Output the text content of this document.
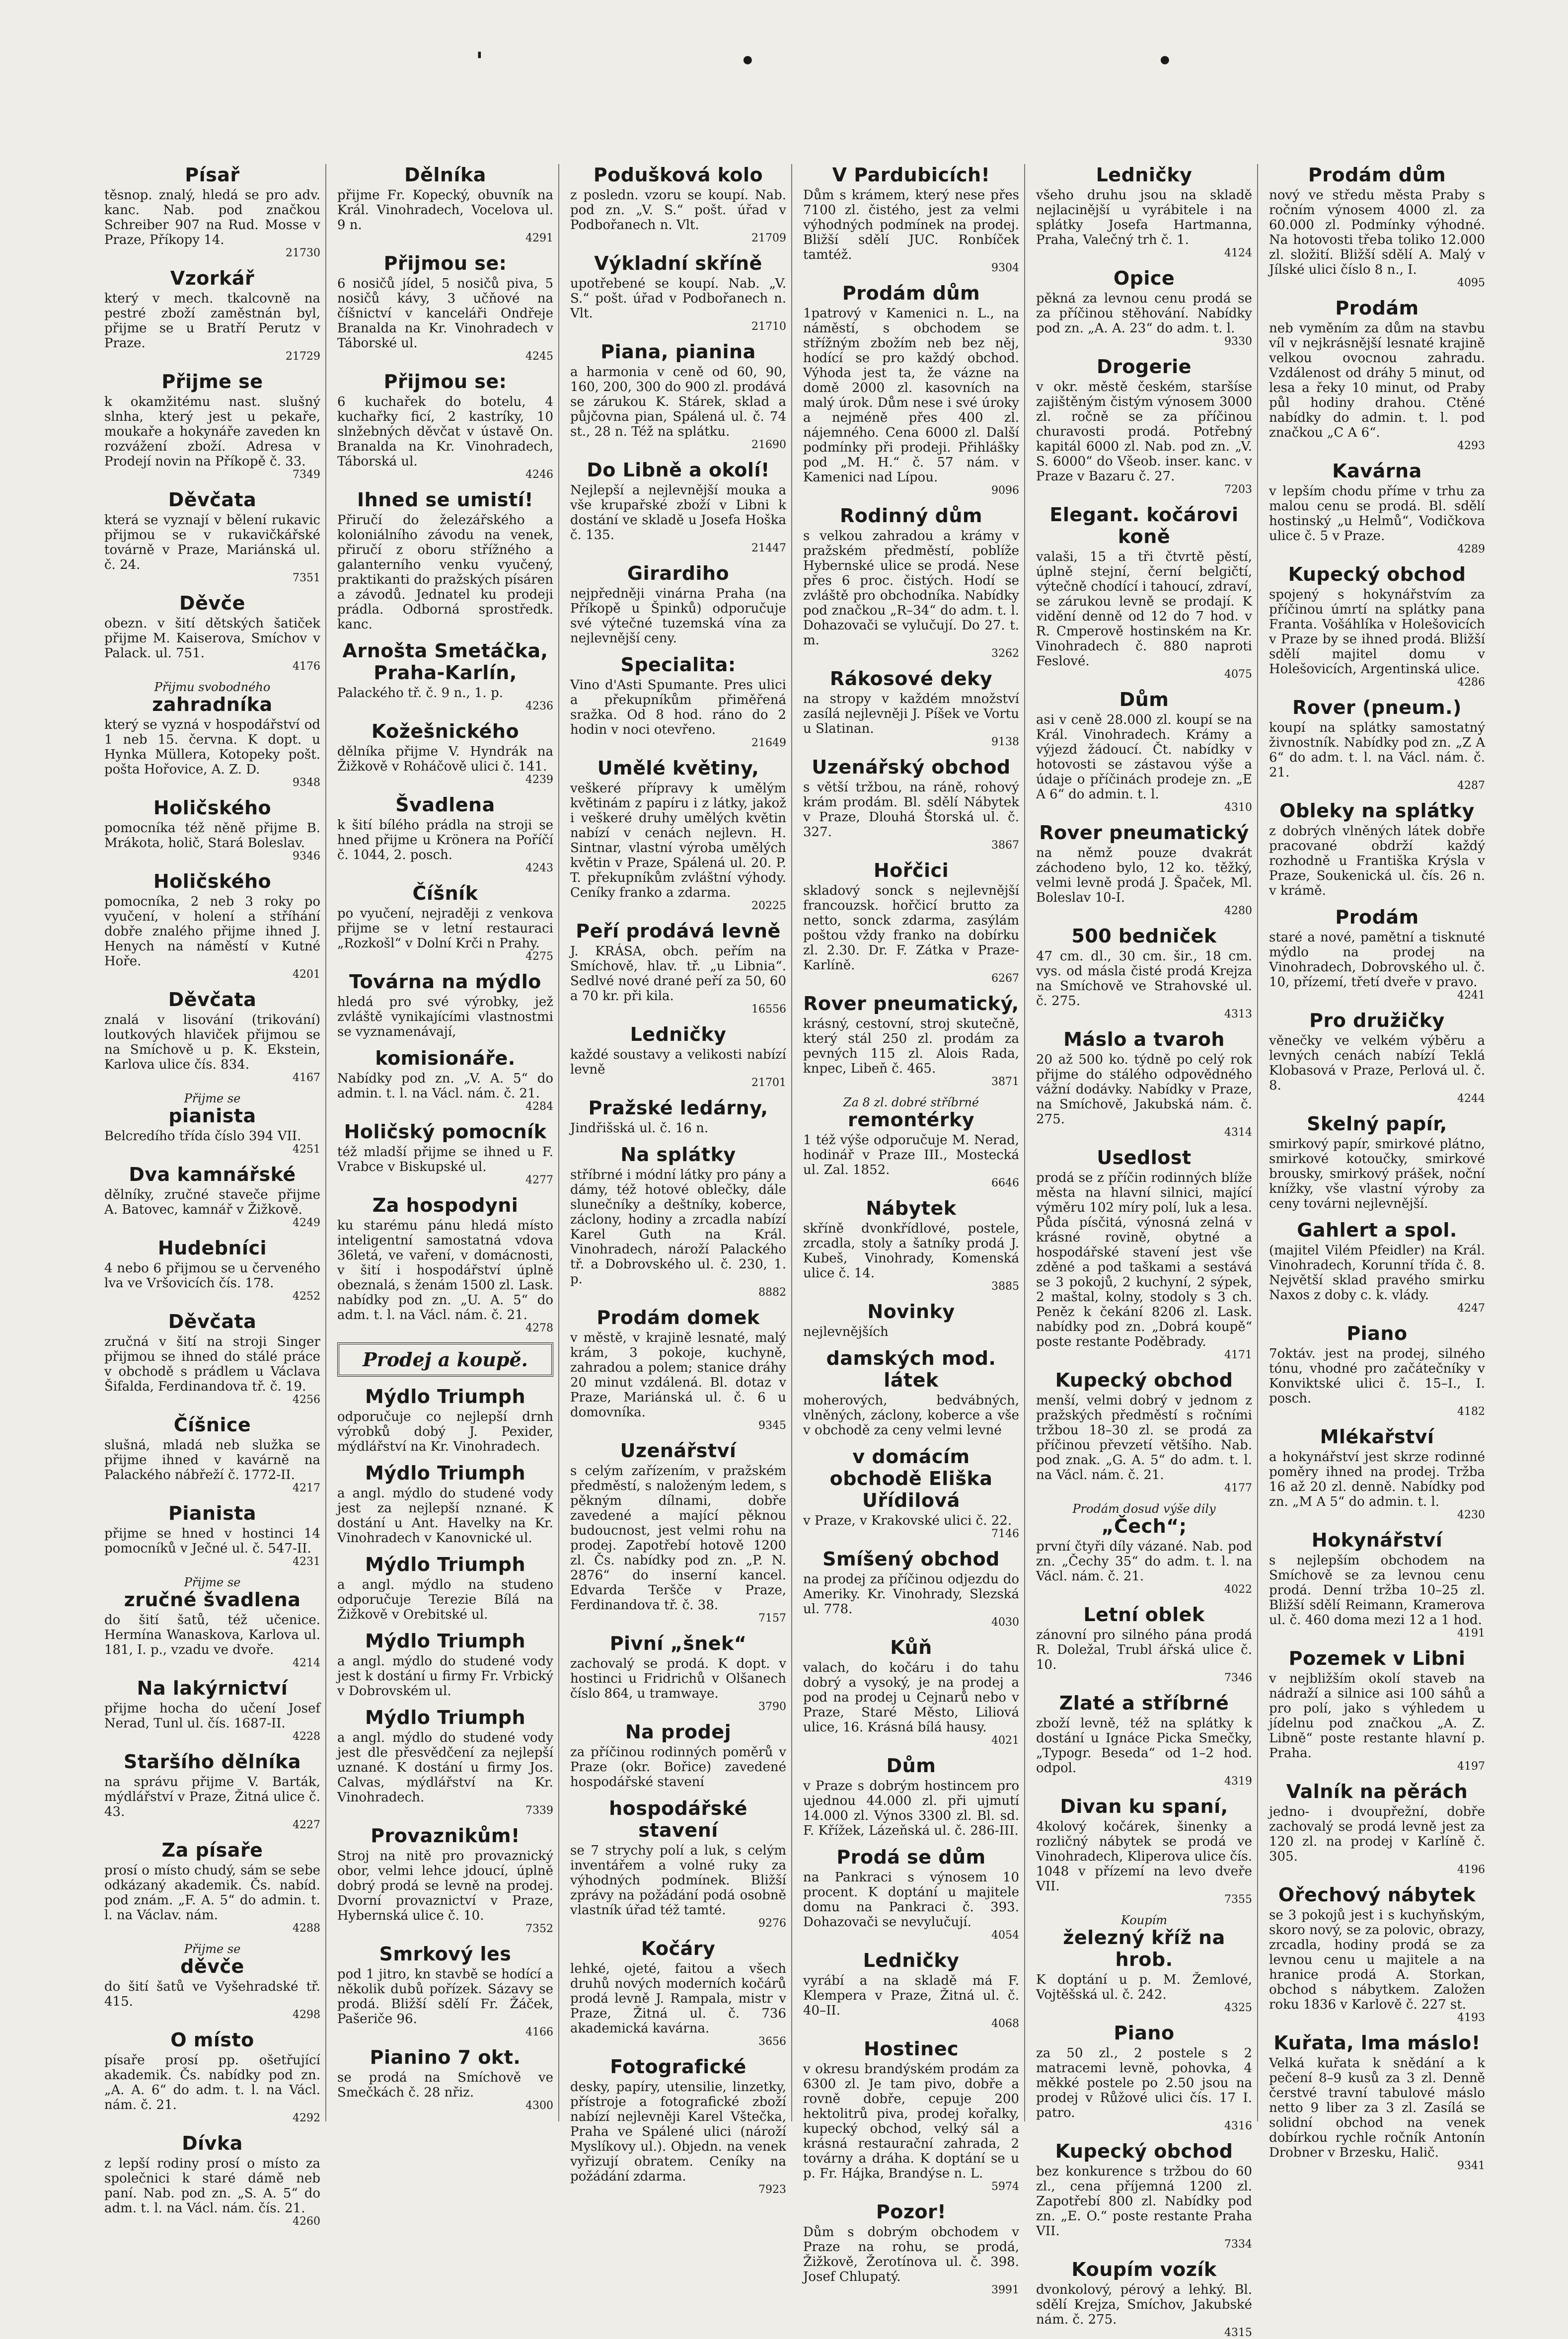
'	•	•
Písař
těsnop. znalý, hledá se pro adv. kanc. Nab. pod značkou Schreiber 907 na Rud. Mosse v Praze, Příkopy 14.
21730
Vzorkář
který v mech. tkalcovně na pestré zboží zaměstnán byl, přijme se u Bratří Perutz v Praze.
21729
Přijme se
k okamžitému nast. slušný slnha, který jest u pekaře, moukaře a hokynáře zaveden kn rozvážení zboží. Adresa v Prodejí novin na Příkopě č. 33.
7349
Děvčata
která se vyznají v bělení rukavic přijmou se v rukavičkářské továrně v Praze, Mariánská ul. č. 24.
7351
Děvče
obezn. v šití dětských šatiček přijme M. Kaiserova, Smíchov v Palack. ul. 751.
4176
Přijmu svobodného
zahradníka
který se vyzná v hospodářství od 1 neb 15. června. K dopt. u Hynka Müllera, Kotopeky pošt. pošta Hořovice, A. Z. D.
9348
Holičského
pomocníka též něně přijme B. Mrákota, holič, Stará Boleslav.
9346
Holičského
pomocníka, 2 neb 3 roky po vyučení, v holení a stříhání dobře znalého přijme ihned J. Henych na náměstí v Kutné Hoře.
4201
Děvčata
znalá v lisování (trikování) loutkových hlaviček přijmou se na Smíchově u p. K. Ekstein, Karlova ulice čís. 834.
4167
Přijme se
pianista
Belcredího třída číslo 394 VII.
4251
Dva kamnářské
dělníky, zručné staveče přijme A. Batovec, kamnář v Žižkově.
4249
Hudebníci
4 nebo 6 přijmou se u červeného lva ve Vršovicích čís. 178.
4252
Děvčata
zručná v šití na stroji Singer přijmou se ihned do stálé práce v obchodě s prádlem u Václava Šifalda, Ferdinandova tř. č. 19.
4256
Číšnice
slušná, mladá neb služka se přijme ihned v kavárně na Palackého nábřeží č. 1772-II.
4217
Pianista
přijme se hned v hostinci 14 pomocníků v Ječné ul. č. 547-II.
4231
Přijme se
zručné švadlena
do šití šatů, též učenice. Hermína Wanaskova, Karlova ul. 181, I. p., vzadu ve dvoře.
4214
Na lakýrnictví
přijme hocha do učení Josef Nerad, Tunl ul. čís. 1687-II.
4228
Staršího dělníka
na správu přijme V. Barták, mýdlářství v Praze, Žitná ulice č. 43.
4227
Za písaře
prosí o místo chudý, sám se sebe odkázaný akademik. Čs. nabíd. pod znám. „F. A. 5“ do admin. t. l. na Václav. nám.
4288
Přijme se
děvče
do šití šatů ve Vyšehradské tř. 415.
4298
O místo
písaře prosí pp. ošetřující akademik. Čs. nabídky pod zn. „A. A. 6“ do adm. t. l. na Václ. nám. č. 21.
4292
Dívka
z lepší rodiny prosí o místo za společnici k staré dámě neb paní. Nab. pod zn. „S. A. 5“ do adm. t. l. na Václ. nám. čís. 21.
4260
Dělníka
přijme Fr. Kopecký, obuvník na Král. Vinohradech, Vocelova ul. 9 n.
4291
Přijmou se:
6 nosičů jídel, 5 nosičů piva, 5 nosičů kávy, 3 učňové na číšnictví v kanceláři Ondřeje Branalda na Kr. Vinohradech v Táborské ul.
4245
Přijmou se:
6 kuchařek do botelu, 4 kuchařky ficí, 2 kastríky, 10 slnžebných děvčat v ústavě On. Branalda na Kr. Vinohradech, Táborská ul.
4246
Ihned se umistí!
Přiručí do železářského a koloniálního závodu na venek, přiručí z oboru střížného a galanterního venku vyučený, praktikanti do pražských písáren a závodů. Jednatel ku prodeji prádla. Odborná sprostředk. kanc.
Arnošta Smetáčka, Praha-Karlín,
Palackého tř. č. 9 n., 1. p.
4236
Kožešnického
dělníka přijme V. Hyndrák na Žižkově v Roháčově ulici č. 141.
4239
Švadlena
k šití bílého prádla na stroji se hned přijme u Krönera na Poříčí č. 1044, 2. posch.
4243
Číšník
po vyučení, nejraději z venkova přijme se v letní restauraci „Rozkošl“ v Dolní Krči n Prahy.
4275
Továrna na mýdlo
hledá pro své výrobky, jež zvláště vynikajícími vlastnostmi se vyznamenávají,
komisionáře.
Nabídky pod zn. „V. A. 5“ do admin. t. l. na Václ. nám. č. 21.
4284
Holičský pomocník
též mladší přijme se ihned u F. Vrabce v Biskupské ul.
4277
Za hospodyni
ku starému pánu hledá místo inteligentní samostatná vdova 36letá, ve vaření, v domácnosti, v šití i hospodářství úplně obeznalá, s ženám 1500 zl. Lask. nabídky pod zn. „U. A. 5“ do adm. t. l. na Václ. nám. č. 21.
4278
Prodej a koupě.
Mýdlo Triumph
odporučuje co nejlepší drnh výrobků dobý J. Pexider, mýdlářství na Kr. Vinohradech.
Mýdlo Triumph
a angl. mýdlo do studené vody jest za nejlepší nznané. K dostání u Ant. Havelky na Kr. Vinohradech v Kanovnické ul.
Mýdlo Triumph
a angl. mýdlo na studeno odporučuje Terezie Bílá na Žižkově v Orebitské ul.
Mýdlo Triumph
a angl. mýdlo do studené vody jest k dostání u firmy Fr. Vrbický v Dobrovském ul.
Mýdlo Triumph
a angl. mýdlo do studené vody jest dle přesvědčení za nejlepší uznané. K dostání u firmy Jos. Calvas, mýdlářství na Kr. Vinohradech.
7339
Provaznikům!
Stroj na nitě pro provaznický obor, velmi lehce jdoucí, úplně dobrý prodá se levně na prodej. Dvorní provaznictví v Praze, Hybernská ulice č. 10.
7352
Smrkový les
pod 1 jitro, kn stavbě se hodící a několik dubů pořízek. Sázavy se prodá. Bližší sdělí Fr. Žáček, Pašeriče 96.
4166
Pianino 7 okt.
se prodá na Smíchově ve Smečkách č. 28 nřiz.
4300
Podušková kolo
z posledn. vzoru se koupí. Nab. pod zn. „V. S.“ pošt. úřad v Podbořanech n. Vlt.
21709
Výkladní skříně
upotřebené se koupí. Nab. „V. S.“ pošt. úřad v Podbořanech n. Vlt.
21710
Piana, pianina
a harmonia v ceně od 60, 90, 160, 200, 300 do 900 zl. prodává se zárukou K. Stárek, sklad a půjčovna pian, Spálená ul. č. 74 st., 28 n. Též na splátku.
21690
Do Libně a okolí!
Nejlepší a nejlevnější mouka a vše krupařské zboží v Libni k dostání ve skladě u Josefa Hoška č. 135.
21447
Girardiho
nejpředněji vinárna Praha (na Příkopě u Špinků) odporučuje své výtečné tuzemská vína za nejlevnější ceny.
Specialita:
Vino d'Asti Spumante. Pres ulici a překupníkům přiměřená sražka. Od 8 hod. ráno do 2 hodin v noci otevřeno.
21649
Umělé květiny,
veškeré přípravy k umělým květinám z papíru i z látky, jakož i veškeré druhy umělých květin nabízí v cenách nejlevn. H. Sintnar, vlastní výroba umělých květin v Praze, Spálená ul. 20. P. T. překupníkům zvláštní výhody. Ceníky franko a zdarma.
20225
Peří prodává levně
J. KRÁSA, obch. peřím na Smíchově, hlav. tř. „u Libnia“. Sedlvé nové drané peří za 50, 60 a 70 kr. při kila.
16556
Ledničky
každé soustavy a velikosti nabízí levně
21701
Pražské ledárny,
Jindřišská ul. č. 16 n.
Na splátky
stříbrné i módní látky pro pány a dámy, též hotové oblečky, dále slunečníky a deštníky, koberce, záclony, hodiny a zrcadla nabízí Karel Guth na Král. Vinohradech, nároží Palackého tř. a Dobrovského ul. č. 230, 1. p.
8882
Prodám domek
v městě, v krajině lesnaté, malý krám, 3 pokoje, kuchyně, zahradou a polem; stanice dráhy 20 minut vzdálená. Bl. dotaz v Praze, Mariánská ul. č. 6 u domovníka.
9345
Uzenářství
s celým zařízením, v pražském předměstí, s naloženým ledem, s pěkným dílnami, dobře zavedené a mající pěknou budoucnost, jest velmi rohu na prodej. Zapotřebí hotově 1200 zl. Čs. nabídky pod zn. „P. N. 2876“ do inserní kancel. Edvarda Teršče v Praze, Ferdinandova tř. č. 38.
7157
Pivní „šnek“
zachovalý se prodá. K dopt. v hostinci u Fridrichů v Olšanech číslo 864, u tramwaye.
3790
Na prodej
za příčinou rodinných poměrů v Praze (okr. Bořice) zavedené hospodářské stavení
hospodářské stavení
se 7 strychy polí a luk, s celým inventářem a volné ruky za výhodných podmínek. Bližší zprávy na požádání podá osobně vlastník úřad též tamté.
9276
Kočáry
lehké, ojeté, faitou a všech druhů nových moderních kočárů prodá levně J. Rampala, mistr v Praze, Žitná ul. č. 736 akademická kavárna.
3656
Fotografické
desky, papíry, utensilie, linzetky, přístroje a fotografické zboží nabízí nejlevněji Karel Vštečka, Praha ve Spálené ulici (nároží Myslíkovy ul.). Objedn. na venek vyřizují obratem. Ceníky na požádání zdarma.
7923
V Pardubicích!
Dům s krámem, který nese přes 7100 zl. čistého, jest za velmi výhodných podmínek na prodej. Bližší sdělí JUC. Ronbíček tamtéž.
9304
Prodám dům
1patrový v Kamenici n. L., na náměstí, s obchodem se střížným zbožím neb bez něj, hodící se pro každý obchod. Výhoda jest ta, že vázne na domě 2000 zl. kasovních na malý úrok. Dům nese i své úroky a nejméně přes 400 zl. nájemného. Cena 6000 zl. Další podmínky při prodeji. Přihlášky pod „M. H.“ č. 57 nám. v Kamenici nad Lípou.
9096
Rodinný dům
s velkou zahradou a krámy v pražském předměstí, poblíže Hybernské ulice se prodá. Nese přes 6 proc. čistých. Hodí se zvláště pro obchodníka. Nabídky pod značkou „R–34“ do adm. t. l. Dohazovači se vylučují. Do 27. t. m.
3262
Rákosové deky
na stropy v každém množství zasílá nejlevněji J. Píšek ve Vortu u Slatinan.
9138
Uzenářský obchod
s větší tržbou, na ráně, rohový krám prodám. Bl. sdělí Nábytek v Praze, Dlouhá Štorská ul. č. 327.
3867
Hořčici
skladový sonck s nejlevnější francouzsk. hořčicí brutto za netto, sonck zdarma, zasýlám poštou vždy franko na dobírku zl. 2.30. Dr. F. Zátka v Praze-Karlíně.
6267
Rover pneumatický,
krásný, cestovní, stroj skutečně, který stál 250 zl. prodám za pevných 115 zl. Alois Rada, knpec, Libeň č. 465.
3871
Za 8 zl. dobré stříbrné
remontérky
1 též výše odporučuje M. Nerad, hodinář v Praze III., Mostecká ul. Zal. 1852.
6646
Nábytek
skříně dvonkřídlové, postele, zrcadla, stoly a šatníky prodá J. Kubeš, Vinohrady, Komenská ulice č. 14.
3885
Novinky
nejlevnějších
damských mod. látek
moherových, bedvábných, vlněných, záclony, koberce a vše v obchodě za ceny velmi levné
v domácím obchodě Eliška Uřídilová
v Praze, v Krakovské ulici č. 22.
7146
Smíšený obchod
na prodej za příčinou odjezdu do Ameriky. Kr. Vinohrady, Slezská ul. 778.
4030
Kůň
valach, do kočáru i do tahu dobrý a vysoký, je na prodej a pod na prodej u Cejnarů nebo v Praze, Staré Město, Liliová ulice, 16. Krásná bílá hausy.
4021
Dům
v Praze s dobrým hostincem pro ujednou 44.000 zl. při ujmutí 14.000 zl. Výnos 3300 zl. Bl. sd. F. Křížek, Lázeňská ul. č. 286-III.
Prodá se dům
na Pankraci s výnosem 10 procent. K doptání u majitele domu na Pankraci č. 393. Dohazovači se nevylučují.
4054
Ledničky
vyrábí a na skladě má F. Klempera v Praze, Žitná ul. č. 40–II.
4068
Hostinec
v okresu brandýském prodám za 6300 zl. Je tam pivo, dobře a rovně dobře, cepuje 200 hektolitrů piva, prodej kořalky, kupecký obchod, velký sál a krásná restaurační zahrada, 2 továrny a dráha. K doptání se u p. Fr. Hájka, Brandýse n. L.
5974
Pozor!
Dům s dobrým obchodem v Praze na rohu, se prodá, Žižkově, Žerotínova ul. č. 398. Josef Chlupatý.
3991
Ledničky
všeho druhu jsou na skladě nejlacinější u vyrábitele i na splátky Josefa Hartmanna, Praha, Valečný trh č. 1.
4124
Opice
pěkná za levnou cenu prodá se za příčinou stěhování. Nabídky pod zn. „A. A. 23“ do adm. t. l.
9330
Drogerie
v okr. městě českém, staršíse zajištěným čistým výnosem 3000 zl. ročně se za příčinou churavosti prodá. Potřebný kapitál 6000 zl. Nab. pod zn. „V. S. 6000“ do Všeob. inser. kanc. v Praze v Bazaru č. 27.
7203
Elegant. kočárovi koně
valaši, 15 a tři čtvrtě pěstí, úplně stejní, černí belgičtí, výtečně chodící i tahoucí, zdraví, se zárukou levně se prodají. K vidění denně od 12 do 7 hod. v R. Cmperově hostinském na Kr. Vinohradech č. 880 naproti Feslové.
4075
Dům
asi v ceně 28.000 zl. koupí se na Král. Vinohradech. Krámy a výjezd žádoucí. Čt. nabídky v hotovosti se zástavou výše a údaje o příčinách prodeje zn. „E A 6“ do admin. t. l.
4310
Rover pneumatický
na němž pouze dvakrát záchodeno bylo, 12 ko. těžký, velmi levně prodá J. Špaček, Ml. Boleslav 10-I.
4280
500 bedniček
47 cm. dl., 30 cm. šir., 18 cm. vys. od másla čisté prodá Krejza na Smíchově ve Strahovské ul. č. 275.
4313
Máslo a tvaroh
20 až 500 ko. týdně po celý rok přijme do stálého odpovědného vážní dodávky. Nabídky v Praze, na Smíchově, Jakubská nám. č. 275.
4314
Usedlost
prodá se z příčin rodinných blíže města na hlavní silnici, mající výměru 102 míry polí, luk a lesa. Půda písčitá, výnosná zelná v krásné rovině, obytné a hospodářské stavení jest vše zděné a pod taškami a sestává se 3 pokojů, 2 kuchyní, 2 sýpek, 2 maštal, kolny, stodoly s 3 ch. Peněz k čekání 8206 zl. Lask. nabídky pod zn. „Dobrá koupě“ poste restante Poděbrady.
4171
Kupecký obchod
menší, velmi dobrý v jednom z pražských předměstí s ročními tržbou 18–30 zl. se prodá za příčinou převzetí většího. Nab. pod znak. „G. A. 5“ do adm. t. l. na Václ. nám. č. 21.
4177
Prodám dosud výše dily
„Čech“;
první čtyři díly vázané. Nab. pod zn. „Čechy 35“ do adm. t. l. na Václ. nám. č. 21.
4022
Letní oblek
zánovní pro silného pána prodá R. Doležal, Trubl ářská ulice č. 10.
7346
Zlaté a stříbrné
zboží levně, též na splátky k dostání u Ignáce Picka Smečky, „Typogr. Beseda“ od 1–2 hod. odpol.
4319
Divan ku spaní,
4kolový kočárek, šinenky a rozličný nábytek se prodá ve Vinohradech, Kliperova ulice čís. 1048 v přízemí na levo dveře VII.
7355
Koupím
železný kříž na hrob.
K doptání u p. M. Žemlové, Vojtěšská ul. č. 242.
4325
Piano
za 50 zl., 2 postele s 2 matracemi levně, pohovka, 4 měkké postele po 2.50 jsou na prodej v Růžové ulici čís. 17 I. patro.
4316
Kupecký obchod
bez konkurence s tržbou do 60 zl., cena příjemná 1200 zl. Zapotřebí 800 zl. Nabídky pod zn. „E. O.“ poste restante Praha VII.
7334
Koupím vozík
dvonkolový, pérový a lehký. Bl. sdělí Krejza, Smíchov, Jakubské nám. č. 275.
4315
Prodám dům
nový ve středu města Praby s ročním výnosem 4000 zl. za 60.000 zl. Podmínky výhodné. Na hotovosti třeba toliko 12.000 zl. složití. Bližší sdělí A. Malý v Jílské ulici číslo 8 n., I.
4095
Prodám
neb vyměním za dům na stavbu víl v nejkrásnější lesnaté krajině velkou ovocnou zahradu. Vzdálenost od dráhy 5 minut, od lesa a řeky 10 minut, od Praby půl hodiny drahou. Ctěné nabídky do admin. t. l. pod značkou „C A 6“.
4293
Kavárna
v lepším chodu příme v trhu za malou cenu se prodá. Bl. sdělí hostinský „u Helmů“, Vodičkova ulice č. 5 v Praze.
4289
Kupecký obchod
spojený s hokynářstvím za příčinou úmrtí na splátky pana Franta. Vošáhlíka v Holešovicích v Praze by se ihned prodá. Bližší sdělí majitel domu v Holešovicích, Argentinská ulice.
4286
Rover (pneum.)
koupí na splátky samostatný živnostník. Nabídky pod zn. „Z A 6“ do adm. t. l. na Václ. nám. č. 21.
4287
Obleky na splátky
z dobrých vlněných látek dobře pracované obdrží každý rozhodně u Františka Krýsla v Praze, Soukenická ul. čís. 26 n. v krámě.
Prodám
staré a nové, pamětní a tisknuté mýdlo na prodej na Vinohradech, Dobrovského ul. č. 10, přízemí, třetí dveře v pravo.
4241
Pro družičky
věnečky ve velkém výběru a levných cenách nabízí Teklá Klobasová v Praze, Perlová ul. č. 8.
4244
Skelný papír,
smirkový papír, smirkové plátno, smirkové kotoučky, smirkové brousky, smirkový prášek, noční knížky, vše vlastní výroby za ceny továrni nejlevnější.
Gahlert a spol.
(majitel Vilém Pfeidler) na Král. Vinohradech, Korunní třída č. 8. Největší sklad pravého smirku Naxos z doby c. k. vlády.
4247
Piano
7oktáv. jest na prodej, silného tónu, vhodné pro začátečníky v Konviktské ulici č. 15–I., I. posch.
4182
Mlékařství
a hokynářství jest skrze rodinné poměry ihned na prodej. Tržba 16 až 20 zl. denně. Nabídky pod zn. „M A 5“ do admin. t. l.
4230
Hokynářství
s nejlepším obchodem na Smíchově se za levnou cenu prodá. Denní tržba 10–25 zl. Bližší sdělí Reimann, Kramerova ul. č. 460 doma mezi 12 a 1 hod.
4191
Pozemek v Libni
v nejbližším okolí staveb na nádraží a silnice asi 100 sáhů a pro polí, jako s výhledem u jídelnu pod značkou „A. Z. Libně“ poste restante hlavní p. Praha.
4197
Valník na pěrách
jedno- i dvoupřežní, dobře zachovalý se prodá levně jest za 120 zl. na prodej v Karlíně č. 305.
4196
Ořechový nábytek
se 3 pokojů jest i s kuchyňským, skoro nový, se za polovic, obrazy, zrcadla, hodiny prodá se za levnou cenu u majitele a na hranice prodá A. Storkan, obchod s nábytkem. Založen roku 1836 v Karlově č. 227 st.
4193
Kuřata, lma máslo!
Velká kuřata k snědání a k pečení 8–9 kusů za 3 zl. Denně čerstvé travní tabulové máslo netto 9 liber za 3 zl. Zasílá se solidní obchod na venek dobírkou rychle ročník Antonín Drobner v Brzesku, Halič.
9341
